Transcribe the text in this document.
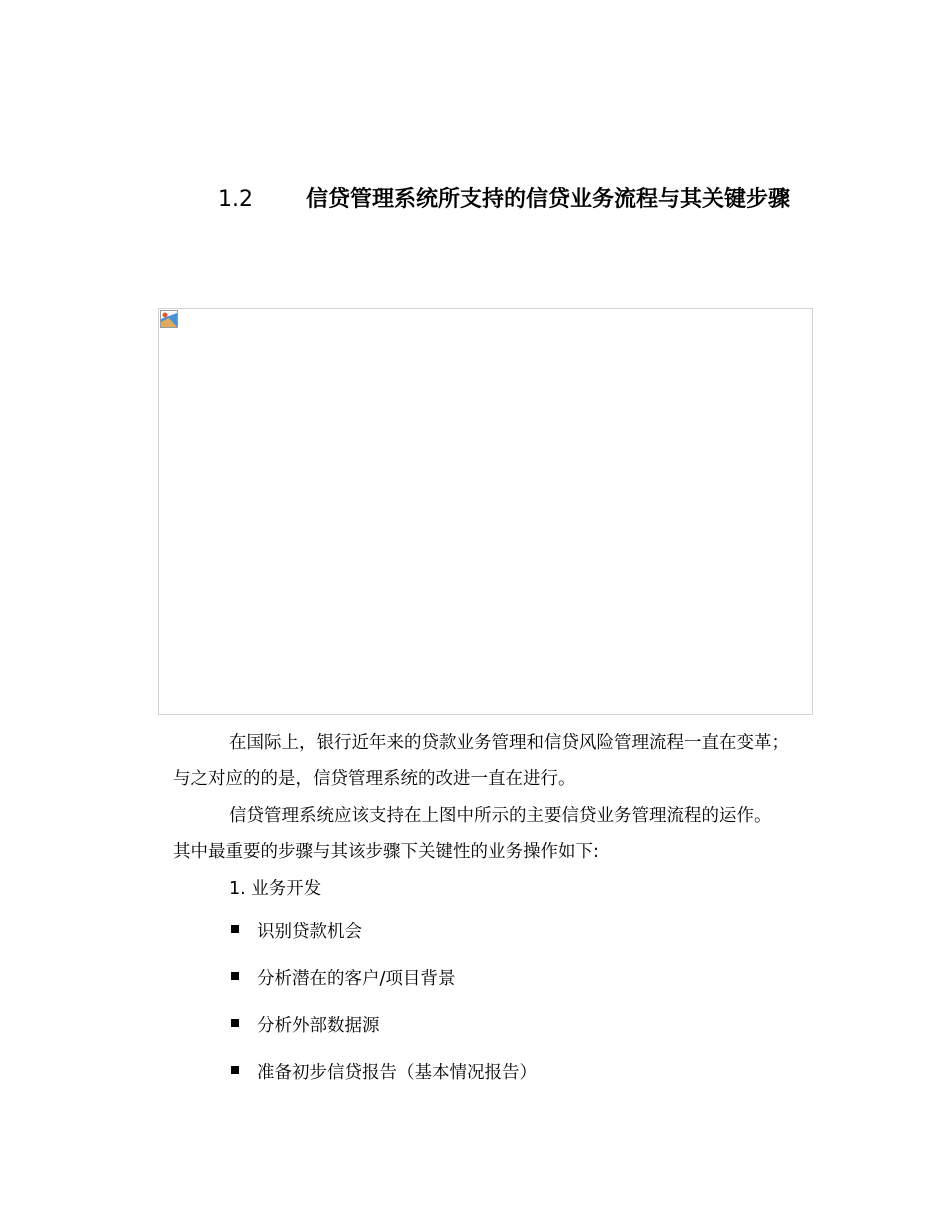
1.2 信贷管理系统所支持的信贷业务流程与其关键步骤
在国际上，银行近年来的贷款业务管理和信贷风险管理流程一直在变革；
与之对应的的是，信贷管理系统的改进一直在进行。
信贷管理系统应该支持在上图中所示的主要信贷业务管理流程的运作。
其中最重要的步骤与其该步骤下关键性的业务操作如下:
1. 业务开发
识别贷款机会
分析潜在的客户/项目背景
分析外部数据源
准备初步信贷报告（基本情况报告）
